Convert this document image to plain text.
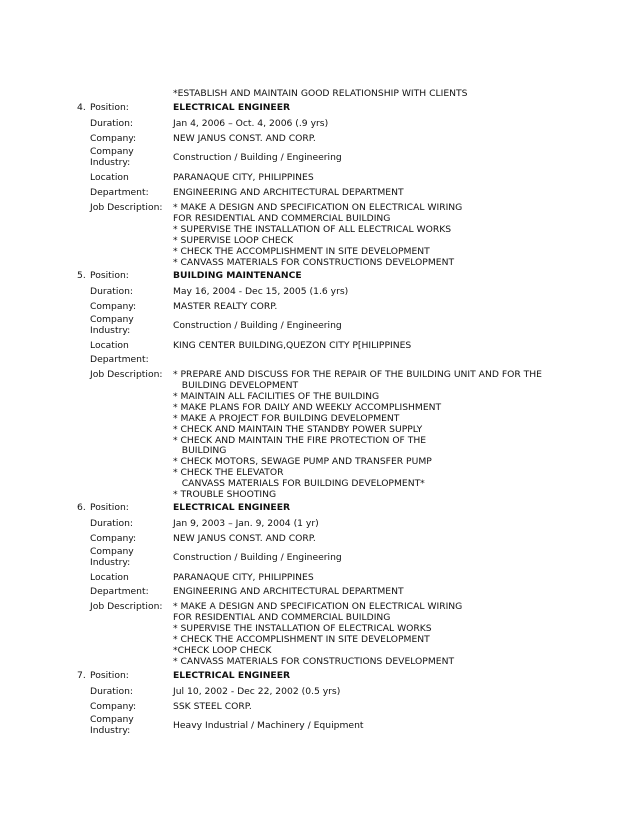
*ESTABLISH AND MAINTAIN GOOD RELATIONSHIP WITH CLIENTS
4. Position:	ELECTRICAL ENGINEER
Duration:	Jan 4, 2006 – Oct. 4, 2006 (.9 yrs)
Company:	NEW JANUS CONST. AND CORP.
Company
Industry:	Construction / Building / Engineering
Location	PARANAQUE CITY, PHILIPPINES
Department:	ENGINEERING AND ARCHITECTURAL DEPARTMENT
Job Description: * MAKE A DESIGN AND SPECIFICATION ON ELECTRICAL WIRING
FOR RESIDENTIAL AND COMMERCIAL BUILDING
* SUPERVISE THE INSTALLATION OF ALL ELECTRICAL WORKS
* SUPERVISE LOOP CHECK
* CHECK THE ACCOMPLISHMENT IN SITE DEVELOPMENT
* CANVASS MATERIALS FOR CONSTRUCTIONS DEVELOPMENT
5. Position:	BUILDING MAINTENANCE
Duration:	May 16, 2004 - Dec 15, 2005 (1.6 yrs)
Company:	MASTER REALTY CORP.
Company
Industry:	Construction / Building / Engineering
Location	KING CENTER BUILDING,QUEZON CITY P[HILIPPINES
Department:
Job Description: * PREPARE AND DISCUSS FOR THE REPAIR OF THE BUILDING UNIT AND FOR THE
BUILDING DEVELOPMENT
* MAINTAIN ALL FACILITIES OF THE BUILDING
* MAKE PLANS FOR DAILY AND WEEKLY ACCOMPLISHMENT
* MAKE A PROJECT FOR BUILDING DEVELOPMENT
* CHECK AND MAINTAIN THE STANDBY POWER SUPPLY
* CHECK AND MAINTAIN THE FIRE PROTECTION OF THE
BUILDING
* CHECK MOTORS, SEWAGE PUMP AND TRANSFER PUMP
* CHECK THE ELEVATOR
CANVASS MATERIALS FOR BUILDING DEVELOPMENT*
* TROUBLE SHOOTING
6. Position:	ELECTRICAL ENGINEER
Duration:	Jan 9, 2003 – Jan. 9, 2004 (1 yr)
Company:	NEW JANUS CONST. AND CORP.
Company
Industry:	Construction / Building / Engineering
Location	PARANAQUE CITY, PHILIPPINES
Department:	ENGINEERING AND ARCHITECTURAL DEPARTMENT
Job Description: * MAKE A DESIGN AND SPECIFICATION ON ELECTRICAL WIRING
FOR RESIDENTIAL AND COMMERCIAL BUILDING
* SUPERVISE THE INSTALLATION OF ELECTRICAL WORKS
* CHECK THE ACCOMPLISHMENT IN SITE DEVELOPMENT
*CHECK LOOP CHECK
* CANVASS MATERIALS FOR CONSTRUCTIONS DEVELOPMENT
7. Position:	ELECTRICAL ENGINEER
Duration:	Jul 10, 2002 - Dec 22, 2002 (0.5 yrs)
Company:	SSK STEEL CORP.
Company
Industry:	Heavy Industrial / Machinery / Equipment
